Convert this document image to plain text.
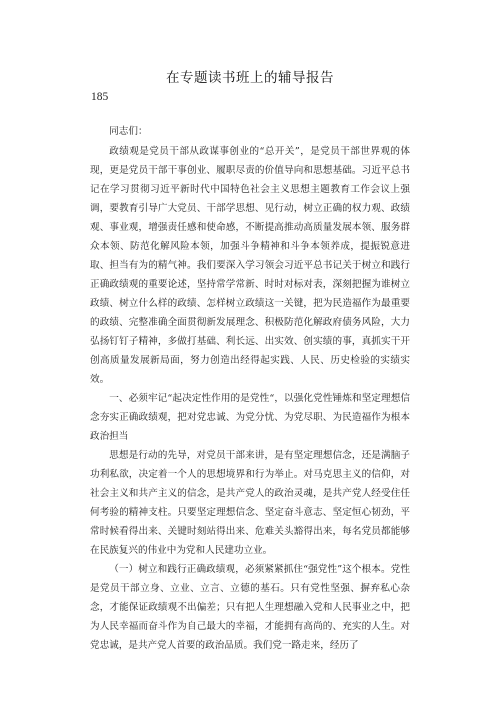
在专题读书班上的辅导报告
185

同志们：

政绩观是党员干部从政谋事创业的“总开关”，是党员干部世界观的体现，更是党员干部干事创业、履职尽责的价值导向和思想基础。习近平总书记在学习贯彻习近平新时代中国特色社会主义思想主题教育工作会议上强调，要教育引导广大党员、干部学思想、见行动，树立正确的权力观、政绩观、事业观，增强责任感和使命感，不断提高推动高质量发展本领、服务群众本领、防范化解风险本领，加强斗争精神和斗争本领养成，提振锐意进取、担当有为的精气神。我们要深入学习领会习近平总书记关于树立和践行正确政绩观的重要论述，坚持常学常新、时时对标对表，深刻把握为谁树立政绩、树立什么样的政绩、怎样树立政绩这一关键，把为民造福作为最重要的政绩、完整准确全面贯彻新发展理念、积极防范化解政府债务风险，大力弘扬钉钉子精神，多做打基础、利长远、出实效、创实绩的事，真抓实干开创高质量发展新局面，努力创造出经得起实践、人民、历史检验的实绩实效。

一、必须牢记“起决定性作用的是党性“，以强化党性锤炼和坚定理想信念夯实正确政绩观，把对党忠诚、为党分忧、为党尽职、为民造福作为根本政治担当

思想是行动的先导，对党员干部来讲，是有坚定理想信念，还是满脑子功利私欲，决定着一个人的思想境界和行为举止。对马克思主义的信仰，对社会主义和共产主义的信念，是共产党人的政治灵魂，是共产党人经受住任何考验的精神支柱。只要坚定理想信念、坚定奋斗意志、坚定恒心韧劲，平常时候看得出来、关键时刻站得出来、危难关头豁得出来，每名党员都能够在民族复兴的伟业中为党和人民建功立业。

（一）树立和践行正确政绩观，必须紧紧抓住“强党性”这个根本。党性是党员干部立身、立业、立言、立德的基石。只有党性坚强、摒弃私心杂念，才能保证政绩观不出偏差；只有把人生理想融入党和人民事业之中，把为人民幸福而奋斗作为自己最大的幸福，才能拥有高尚的、充实的人生。对党忠诚，是共产党人首要的政治品质。我们党一路走来，经历了
